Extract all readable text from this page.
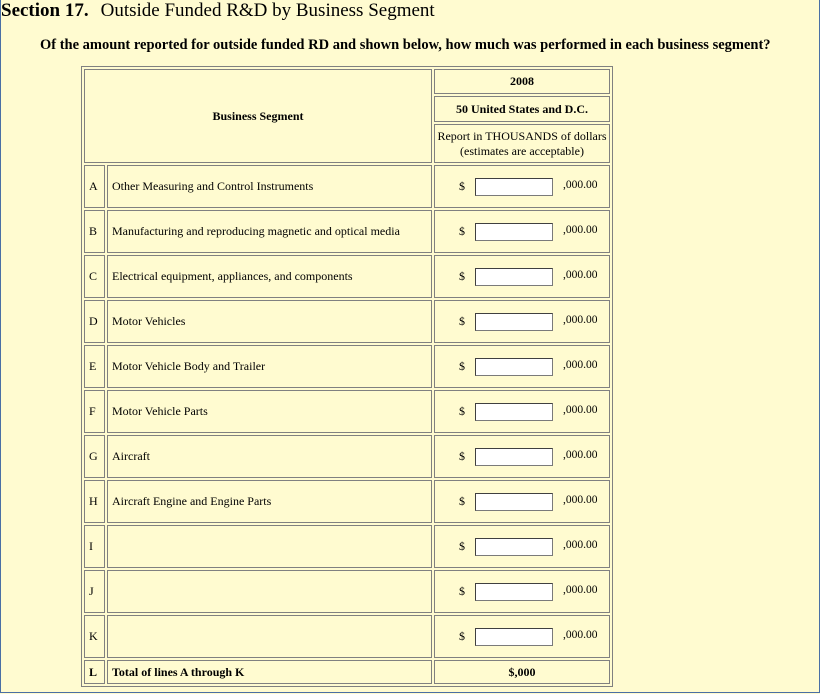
Section 17. Outside Funded R&D by Business Segment
Of the amount reported for outside funded RD and shown below, how much was performed in each business segment?
Business Segment		2008
		50 United States and D.C.

		Report in THOUSANDS of dollars
(estimates are acceptable)

A	Other Measuring and Control Instruments	$ ,000.00

B	Manufacturing and reproducing magnetic and optical media	$ ,000.00

C	Electrical equipment, appliances, and components	$ ,000.00

D	Motor Vehicles	$ ,000.00

E	Motor Vehicle Body and Trailer	$ ,000.00

F	Motor Vehicle Parts	$ ,000.00

G	Aircraft	$ ,000.00

H	Aircraft Engine and Engine Parts	$ ,000.00

I		$ ,000.00

J		$ ,000.00

K		$ ,000.00

L	Total of lines A through K	$,000
